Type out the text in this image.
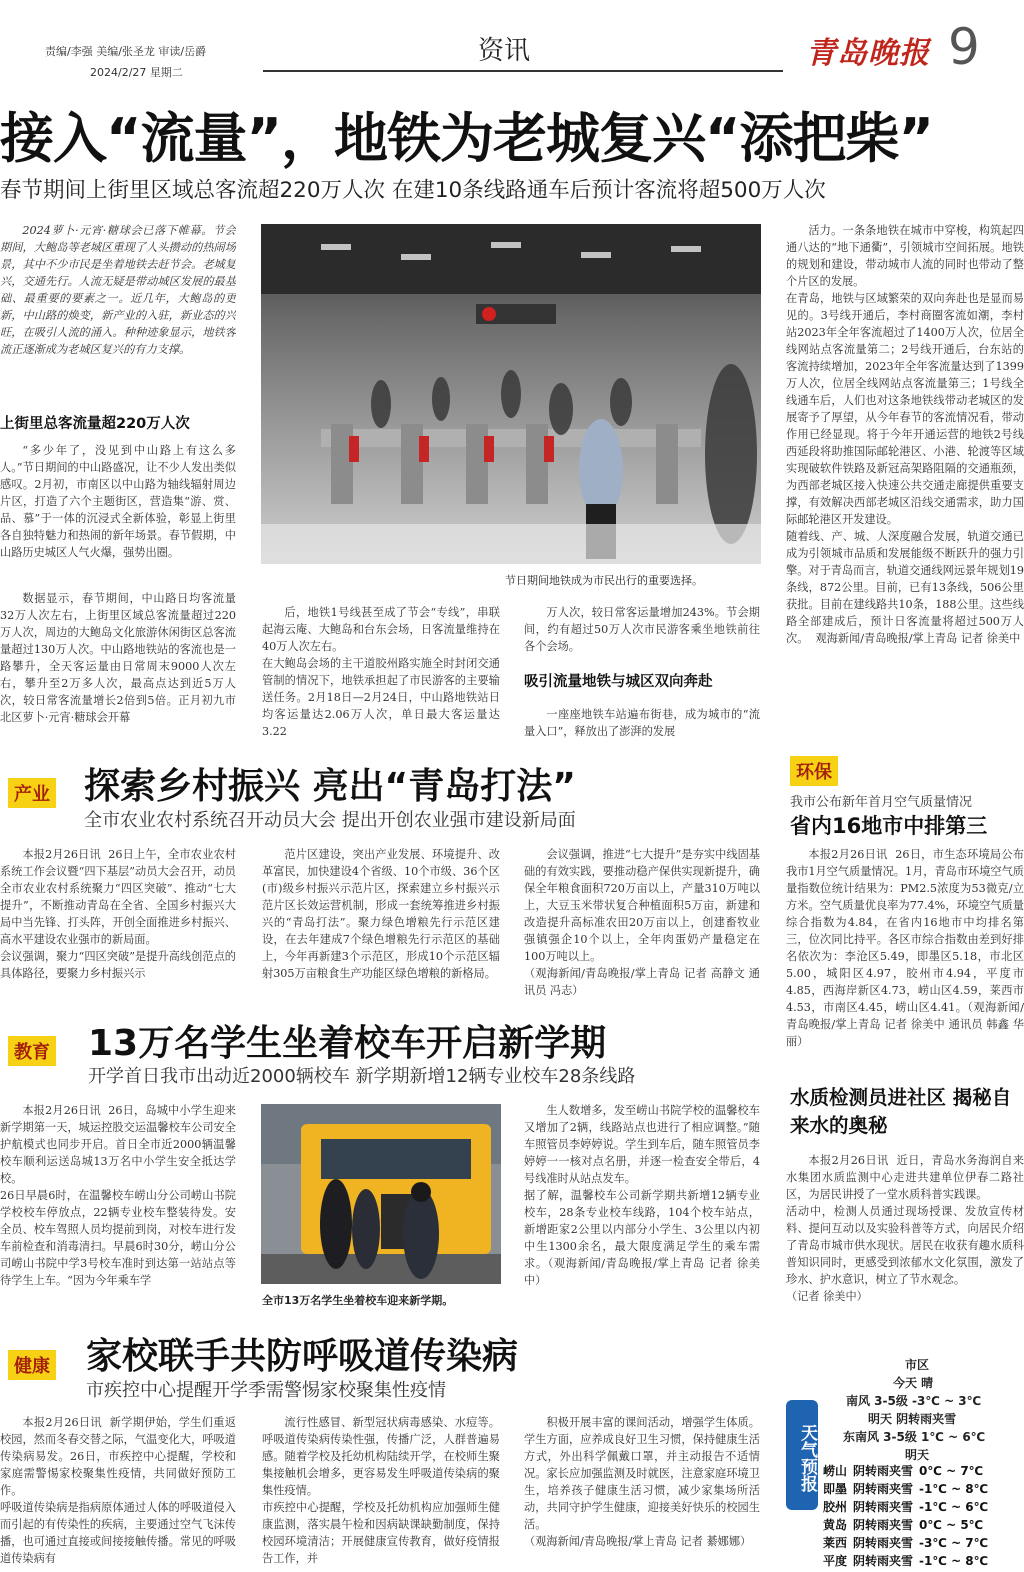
责编/李强 美编/张圣龙 审读/岳爵
2024/2/27 星期二
资讯	青岛晚报 9
接入“流量”，地铁为老城复兴“添把柴”
春节期间上街里区域总客流超220万人次 在建10条线路通车后预计客流将超500万人次
2024萝卜·元宵·糖球会已落下帷幕。节会期间，大鲍岛等老城区重现了人头攒动的热闹场景，其中不少市民是坐着地铁去赶节会。老城复兴，交通先行。人流无疑是带动城区发展的最基础、最重要的要素之一。近几年，大鲍岛的更新，中山路的焕变，新产业的入驻，新业态的兴旺，在吸引人流的涌入。种种迹象显示，地铁客流正逐渐成为老城区复兴的有力支撑。
上街里总客流量超220万人次
“多少年了，没见到中山路上有这么多人。”节日期间的中山路盛况，让不少人发出类似感叹。2月初，市南区以中山路为轴线辐射周边片区，打造了六个主题街区，营造集“游、赏、品、慕”于一体的沉浸式全新体验，彰显上街里各自独特魅力和热闹的新年场景。春节假期，中山路历史城区人气火爆，强势出圈。
数据显示，春节期间，中山路日均客流量32万人次左右，上街里区域总客流量超过220万人次，周边的大鲍岛文化旅游休闲街区总客流量超过130万人次。中山路地铁站的客流也是一路攀升，全天客运量由日常周末9000人次左右，攀升至2万多人次，最高点达到近5万人次，较日常客流量增长2倍到5倍。正月初九市北区萝卜·元宵·糖球会开幕
节日期间地铁成为市民出行的重要选择。
后，地铁1号线甚至成了节会“专线”，串联起海云庵、大鲍岛和台东会场，日客流量维持在40万人次左右。
在大鲍岛会场的主干道胶州路实施全时封闭交通管制的情况下，地铁承担起了市民游客的主要输送任务。2月18日—2月24日，中山路地铁站日均客运量达2.06万人次，单日最大客运量达3.22
万人次，较日常客运量增加243%。节会期间，约有超过50万人次市民游客乘坐地铁前往各个会场。
吸引流量地铁与城区双向奔赴
一座座地铁车站遍布街巷，成为城市的“流量入口”，释放出了澎湃的发展
活力。一条条地铁在城市中穿梭，构筑起四通八达的“地下通衢”，引领城市空间拓展。地铁的规划和建设，带动城市人流的同时也带动了整个片区的发展。
在青岛，地铁与区域繁荣的双向奔赴也是显而易见的。3号线开通后，李村商圈客流如潮，李村站2023年全年客流超过了1400万人次，位居全线网站点客流量第二；2号线开通后，台东站的客流持续增加，2023年全年客流量达到了1399万人次，位居全线网站点客流量第三；1号线全线通车后，人们也对这条地铁线带动老城区的发展寄予了厚望，从今年春节的客流情况看，带动作用已经显现。将于今年开通运营的地铁2号线西延段将助推国际邮轮港区、小港、轮渡等区域实现破软件铁路及新冠高架路阻隔的交通瓶颈，为西部老城区接入快速公共交通走廊提供重要支撑，有效解决西部老城区沿线交通需求，助力国际邮轮港区开发建设。
随着线、产、城、人深度融合发展，轨道交通已成为引领城市品质和发展能级不断跃升的强力引擎。对于青岛而言，轨道交通线网远景年规划19条线，872公里。目前，已有13条线，506公里获批。目前在建线路共10条，188公里。这些线路全部建成后，预计日客流量将超过500万人次。  观海新闻/青岛晚报/掌上青岛 记者 徐美中
产业 探索乡村振兴 亮出“青岛打法”
全市农业农村系统召开动员大会 提出开创农业强市建设新局面
本报2月26日讯  26日上午，全市农业农村系统工作会议暨“四下基层”动员大会召开，动员全市农业农村系统聚力“四区突破”、推动“七大提升”，不断推动青岛在全省、全国乡村振兴大局中当先锋、打头阵，开创全面推进乡村振兴、高水平建设农业强市的新局面。
会议强调，聚力“四区突破”是提升高线创范点的具体路径，要聚力乡村振兴示
范片区建设，突出产业发展、环境提升、改革富民，加快建设4个省级、10个市级、36个区(市)级乡村振兴示范片区，探索建立乡村振兴示范片区长效运营机制，形成一套统筹推进乡村振兴的“青岛打法”。聚力绿色增粮先行示范区建设，在去年建成7个绿色增粮先行示范区的基础上，今年再新建3个示范区，形成10个示范区辐射305万亩粮食生产功能区绿色增粮的新格局。
会议强调，推进“七大提升”是夯实中线固基础的有效实践，要推动稳产保供实现新提升，确保全年粮食面积720万亩以上，产量310万吨以上，大豆玉米带状复合种植面积5万亩，新建和改造提升高标准农田20万亩以上，创建畜牧业强镇强企10个以上，全年肉蛋奶产量稳定在100万吨以上。
（观海新闻/青岛晚报/掌上青岛 记者 高静文 通讯员 冯志）
环保
我市公布新年首月空气质量情况
省内16地市中排第三
本报2月26日讯  26日，市生态环境局公布我市1月空气质量情况。1月，青岛市环境空气质量指数位统计结果为：PM2.5浓度为53微克/立方米。空气质量优良率为77.4%，环境空气质量综合指数为4.84，在省内16地市中均排名第三，位次同比持平。各区市综合指数由差到好排名依次为：李沧区5.49，即墨区5.18，市北区5.00，城阳区4.97，胶州市4.94，平度市4.85，西海岸新区4.73，崂山区4.59，莱西市4.53，市南区4.45，崂山区4.41。（观海新闻/青岛晚报/掌上青岛 记者 徐美中 通讯员 韩鑫 华丽）
教育 13万名学生坐着校车开启新学期
开学首日我市出动近2000辆校车 新学期新增12辆专业校车28条线路
本报2月26日讯  26日，岛城中小学生迎来新学期第一天，城运控股交运温馨校车公司安全护航模式也同步开启。首日全市近2000辆温馨校车顺利运送岛城13万名中小学生安全抵达学校。
26日早晨6时，在温馨校车崂山分公司崂山书院学校校车停放点，22辆专业校车整装待发。安全员、校车驾照人员均提前到岗，对校车进行发车前检查和消毒清扫。早晨6时30分，崂山分公司崂山书院中学3号校车准时到达第一站站点等待学生上车。“因为今年乘车学
全市13万名学生坐着校车迎来新学期。
生人数增多，发至崂山书院学校的温馨校车又增加了2辆，线路站点也进行了相应调整。”随车照管员李婷婷说。学生到车后，随车照管员李婷婷一一核对点名册，并逐一检查安全带后，4号线准时从站点发车。
据了解，温馨校车公司新学期共新增12辆专业校车，28条专业校车线路，104个校车站点，新增距家2公里以内部分小学生、3公里以内初中生1300余名，最大限度满足学生的乘车需求。（观海新闻/青岛晚报/掌上青岛 记者 徐美中）
水质检测员进社区 揭秘自来水的奥秘
本报2月26日讯  近日，青岛水务海润自来水集团水质监测中心走进共建单位伊春二路社区，为居民讲授了一堂水质科普实践课。
活动中，检测人员通过现场授课、发放宣传材料、提问互动以及实验科普等方式，向居民介绍了青岛市城市供水现状。居民在收获有趣水质科普知识同时，更感受到浓郁水文化氛围，激发了珍水、护水意识，树立了节水观念。
（记者 徐美中）
健康 家校联手共防呼吸道传染病
市疾控中心提醒开学季需警惕家校聚集性疫情
本报2月26日讯  新学期伊始，学生们重返校园，然而冬春交替之际，气温变化大，呼吸道传染病易发。26日，市疾控中心提醒，学校和家庭需警惕家校聚集性疫情，共同做好预防工作。
呼吸道传染病是指病原体通过人体的呼吸道侵入而引起的有传染性的疾病，主要通过空气飞沫传播，也可通过直接或间接接触传播。常见的呼吸道传染病有
流行性感冒、新型冠状病毒感染、水痘等。呼吸道传染病传染性强，传播广泛，人群普遍易感。随着学校及托幼机构陆续开学，在校师生聚集接触机会增多，更容易发生呼吸道传染病的聚集性疫情。
市疾控中心提醒，学校及托幼机构应加强师生健康监测，落实晨午检和因病缺课缺勤制度，保持校园环境清洁；开展健康宣传教育，做好疫情报告工作，并
积极开展丰富的课间活动，增强学生体质。学生方面，应养成良好卫生习惯，保持健康生活方式，外出科学佩戴口罩，并主动报告不适情况。家长应加强监测及时就医，注意家庭环境卫生，培养孩子健康生活习惯，减少家集场所活动，共同守护学生健康，迎接美好快乐的校园生活。
（观海新闻/青岛晚报/掌上青岛 记者 綦娜娜）
天气预报
市区
今天 晴
南风 3-5级 -3℃ ~ 3℃
明天 阴转雨夹雪
东南风 3-5级 1℃ ~ 6℃
明天
崂山	阴转雨夹雪	0℃ ~ 7℃
即墨	阴转雨夹雪	-1℃ ~ 8℃
胶州	阴转雨夹雪	-1℃ ~ 6℃
黄岛	阴转雨夹雪	0℃ ~ 5℃
莱西	阴转雨夹雪	-3℃ ~ 7℃
平度	阴转雨夹雪	-1℃ ~ 8℃
